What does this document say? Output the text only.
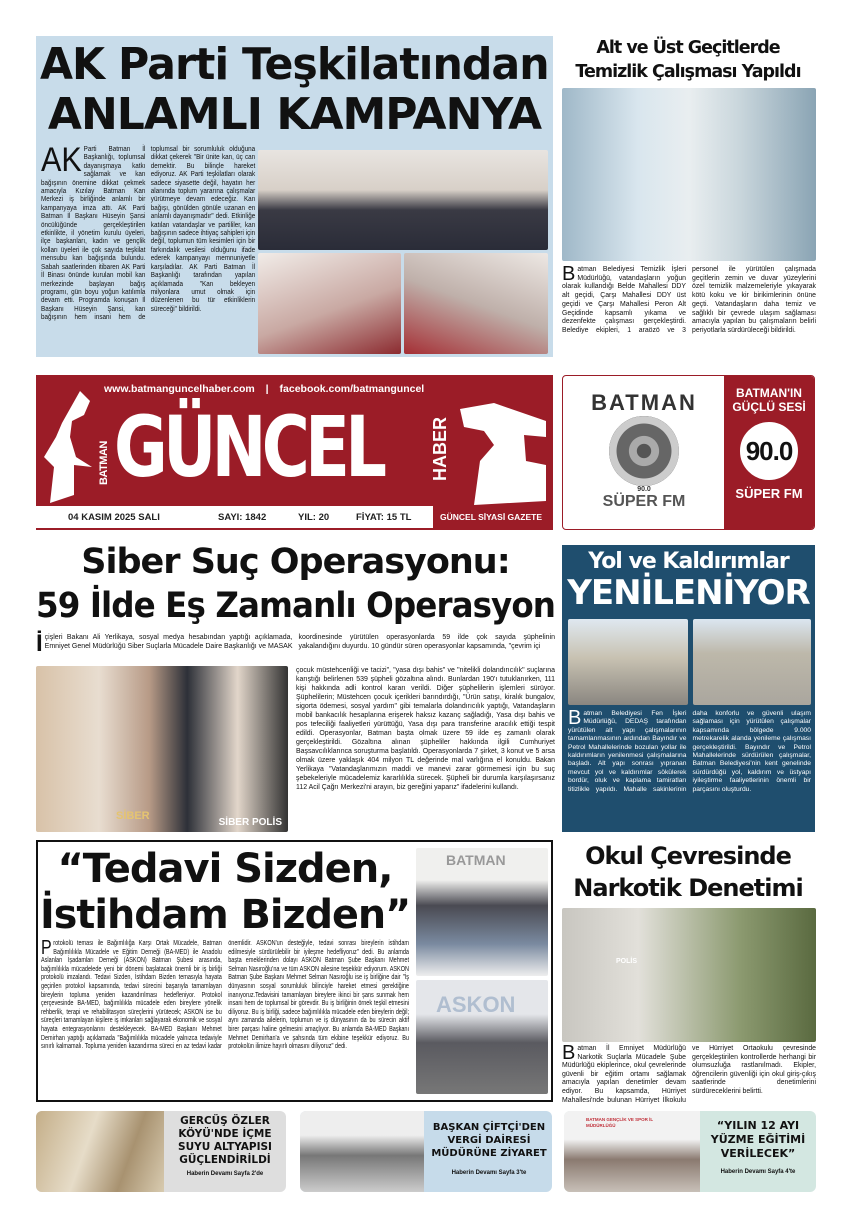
AK Parti Teşkilatından
ANLAMLI KAMPANYA
AK Parti Batman İl Başkanlığı, toplumsal dayanışmaya katkı sağlamak ve kan bağışının önemine dikkat çekmek amacıyla Kızılay Batman Kan Merkezi iş birliğinde anlamlı bir kampanyaya imza attı. AK Parti Batman İl Başkanı Hüseyin Şansi öncülüğünde gerçekleştirilen etkinlikte, il yönetim kurulu üyeleri, ilçe başkanları, kadın ve gençlik kolları üyeleri ile çok sayıda teşkilat mensubu kan bağışında bulundu. Sabah saatlerinden itibaren AK Parti İl Binası önünde kurulan mobil kan merkezinde başlayan bağış programı, gün boyu yoğun katılımla devam etti. Programda konuşan İl Başkanı Hüseyin Şansi, kan bağışının hem insani hem de toplumsal bir sorumluluk olduğuna dikkat çekerek "Bir ünite kan, üç can demektir. Bu bilinçle hareket ediyoruz. AK Parti teşkilatları olarak sadece siyasette değil, hayatın her alanında toplum yararına çalışmalar yürütmeye devam edeceğiz. Kan bağışı, gönülden gönüle uzanan en anlamlı dayanışmadır" dedi. Etkinliğe katılan vatandaşlar ve partililer, kan bağışının sadece ihtiyaç sahipleri için değil, toplumun tüm kesimleri için bir farkındalık vesilesi olduğunu ifade ederek kampanyayı memnuniyetle karşıladılar. AK Parti Batman İl Başkanlığı tarafından yapılan açıklamada "Kan bekleyen milyonlara umut olmak için düzenlenen bu tür etkinliklerin süreceği" bildirildi.
Alt ve Üst Geçitlerde
Temizlik Çalışması Yapıldı
Batman Belediyesi Temizlik İşleri Müdürlüğü, vatandaşların yoğun olarak kullandığı Belde Mahallesi DDY alt geçidi, Çarşı Mahallesi DDY üst geçidi ve Çarşı Mahallesi Peron Alt Geçidinde kapsamlı yıkama ve dezenfekte çalışması gerçekleştirdi. Belediye ekipleri, 1 araözö ve 3 personel ile yürütülen çalışmada geçitlerin zemin ve duvar yüzeylerini özel temizlik malzemeleriyle yıkayarak kötü koku ve kir birikimlerinin önüne geçti. Vatandaşların daha temiz ve sağlıklı bir çevrede ulaşım sağlaması amacıyla yapılan bu çalışmaların belirli periyotlarla sürdürüleceği bildirildi.
www.batmanguncelhaber.com | facebook.com/batmanguncel
BATMAN GÜNCEL	HABER
04 KASIM 2025 SALI	SAYI: 1842	YIL: 20	FİYAT: 15 TL	GÜNCEL SİYASİ GAZETE
BATMAN
90.0
SÜPER FM
BATMAN'IN
GÜÇLÜ SESİ
90.0
SÜPER FM
Siber Suç Operasyonu:
59 İlde Eş Zamanlı Operasyon
İçişleri Bakanı Ali Yerlikaya, sosyal medya hesabından yaptığı açıklamada, Emniyet Genel Müdürlüğü Siber Suçlarla Mücadele Daire Başkanlığı ve MASAK koordinesinde yürütülen operasyonlarda 59 ilde çok sayıda şüphelinin yakalandığını duyurdu. 10 gündür süren operasyonlar kapsamında, "çevrim içi
SİBER
SİBER POLİS
çocuk müstehcenliği ve tacizi", "yasa dışı bahis" ve "nitelikli dolandırıcılık" suçlarına karıştığı belirlenen 539 şüpheli gözaltına alındı. Bunlardan 190'ı tutuklanırken, 111 kişi hakkında adli kontrol kararı verildi. Diğer şüphelilerin işlemleri sürüyor. Şüphelilerin; Müstehcen çocuk içerikleri barındırdığı, "Ürün satışı, kiralık bungalov, sigorta ödemesi, sosyal yardım" gibi temalarla dolandırıcılık yaptığı, Vatandaşların mobil bankacılık hesaplarına erişerek haksız kazanç sağladığı, Yasa dışı bahis ve pos tefeciliği faaliyetleri yürüttüğü, Yasa dışı para transferine aracılık ettiği tespit edildi. Operasyonlar, Batman başta olmak üzere 59 ilde eş zamanlı olarak gerçekleştirildi. Gözaltına alınan şüpheliler hakkında ilgili Cumhuriyet Başsavcılıklarınca soruşturma başlatıldı. Operasyonlarda 7 şirket, 3 konut ve 5 arsa olmak üzere yaklaşık 404 milyon TL değerinde mal varlığına el konuldu. Bakan Yerlikaya "Vatandaşlarımızın maddi ve manevi zarar görmemesi için bu suç şebekeleriyle mücadelemiz kararlılıkla sürecek. Şüpheli bir durumla karşılaşırsanız 112 Acil Çağrı Merkezi'ni arayın, biz gereğini yaparız" ifadelerini kullandı.
Yol ve Kaldırımlar
YENİLENİYOR
Batman Belediyesi Fen İşleri Müdürlüğü, DEDAŞ tarafından yürütülen alt yapı çalışmalarının tamamlanmasının ardından Bayındır ve Petrol Mahallelerinde bozulan yollar ile kaldırımların yenilenmesi çalışmalarına başladı. Alt yapı sonrası yıpranan mevcut yol ve kaldırımlar sökülerek bordür, oluk ve kaplama tamiratları titizlikle yapıldı. Mahalle sakinlerinin daha konforlu ve güvenli ulaşım sağlaması için yürütülen çalışmalar kapsamında bölgede 9.000 metrekarelik alanda yenileme çalışması gerçekleştirildi. Bayındır ve Petrol Mahallelerinde sürdürülen çalışmalar, Batman Belediyesi'nin kent genelinde sürdürdüğü yol, kaldırım ve üstyapı iyileştirme faaliyetlerinin önemli bir parçasını oluşturdu.
“Tedavi Sizden,
İstihdam Bizden”
BATMAN
ASKON
Protokolü teması ile Bağımlılığa Karşı Ortak Mücadele, Batman Bağımlılıkla Mücadele ve Eğitim Derneği (BA-MED) ile Anadolu Aslanları İşadamları Derneği (ASKON) Batman Şubesi arasında, bağımlılıkla mücadelede yeni bir dönemi başlatacak önemli bir iş birliği protokolü imzalandı. Tedavi Sizden, İstihdam Bizden temasıyla hayata geçirilen protokol kapsamında, tedavi sürecini başarıyla tamamlayan bireylerin topluma yeniden kazandırılması hedefleniyor. Protokol çerçevesinde BA-MED, bağımlılıkla mücadele eden bireylere yönelik rehberlik, terapi ve rehabilitasyon süreçlerini yürütecek; ASKON ise bu süreçleri tamamlayan kişilere iş imkanları sağlayarak ekonomik ve sosyal hayata entegrasyonlarını destekleyecek. BA-MED Başkanı Mehmet Demirhan yaptığı açıklamada "Bağımlılıkla mücadele yalnızca tedaviyle sınırlı kalmamalı. Topluma yeniden kazandırma süreci en az tedavi kadar önemlidir. ASKON'un desteğiyle, tedavi sonrası bireylerin istihdam edilmesiyle sürdürülebilir bir iyileşme hedefliyoruz" dedi. Bu anlamda başta emeklerinden dolayı ASKON Batman Şube Başkanı Mehmet Selman Nasıroğlu'na ve tüm ASKON ailesine teşekkür ediyorum. ASKON Batman Şube Başkanı Mehmet Selman Nasıroğlu ise iş birliğine dair "İş dünyasının sosyal sorumluluk bilinciyle hareket etmesi gerektiğine inanıyoruz.Tedavisini tamamlayan bireylere ikinci bir şans sunmak hem insani hem de toplumsal bir görevdir. Bu iş birliğinin örnek teşkil etmesini diliyoruz. Bu iş birliği, sadece bağımlılıkla mücadele eden bireylerin değil; aynı zamanda ailelerin, toplumun ve iş dünyasının da bu sürecin aktif birer parçası haline gelmesini amaçlıyor. Bu anlamda BA-MED Başkanı Mehmet Demirhan'a ve şahsında tüm ekibine teşekkür ediyoruz. Bu protokolün ilimize hayırlı olmasını diliyoruz" dedi.
Okul Çevresinde
Narkotik Denetimi
POLİS
Batman İl Emniyet Müdürlüğü Narkotik Suçlarla Mücadele Şube Müdürlüğü ekiplerince, okul çevrelerinde güvenli bir eğitim ortamı sağlamak amacıyla yapılan denetimler devam ediyor. Bu kapsamda, Hürriyet Mahallesi'nde bulunan Hürriyet İlkokulu ve Hürriyet Ortaokulu çevresinde gerçekleştirilen kontrollerde herhangi bir olumsuzluğa rastlanılmadı. Ekipler, öğrencilerin güvenliği için okul giriş-çıkış saatlerinde denetimlerini sürdüreceklerini belirtti.
GERCÜŞ ÖZLER KÖYÜ'NDE İÇME SUYU ALTYAPISI GÜÇLENDİRİLDİ
Haberin Devamı Sayfa 2'de
BAŞKAN ÇİFTÇİ'DEN VERGİ DAİRESİ MÜDÜRÜNE ZİYARET
Haberin Devamı Sayfa 3'te
BATMAN GENÇLİK VE SPOR İL MÜDÜRLÜĞÜ	“YILIN 12 AYI YÜZME EĞİTİMİ VERİLECEK”
Haberin Devamı Sayfa 4'te
